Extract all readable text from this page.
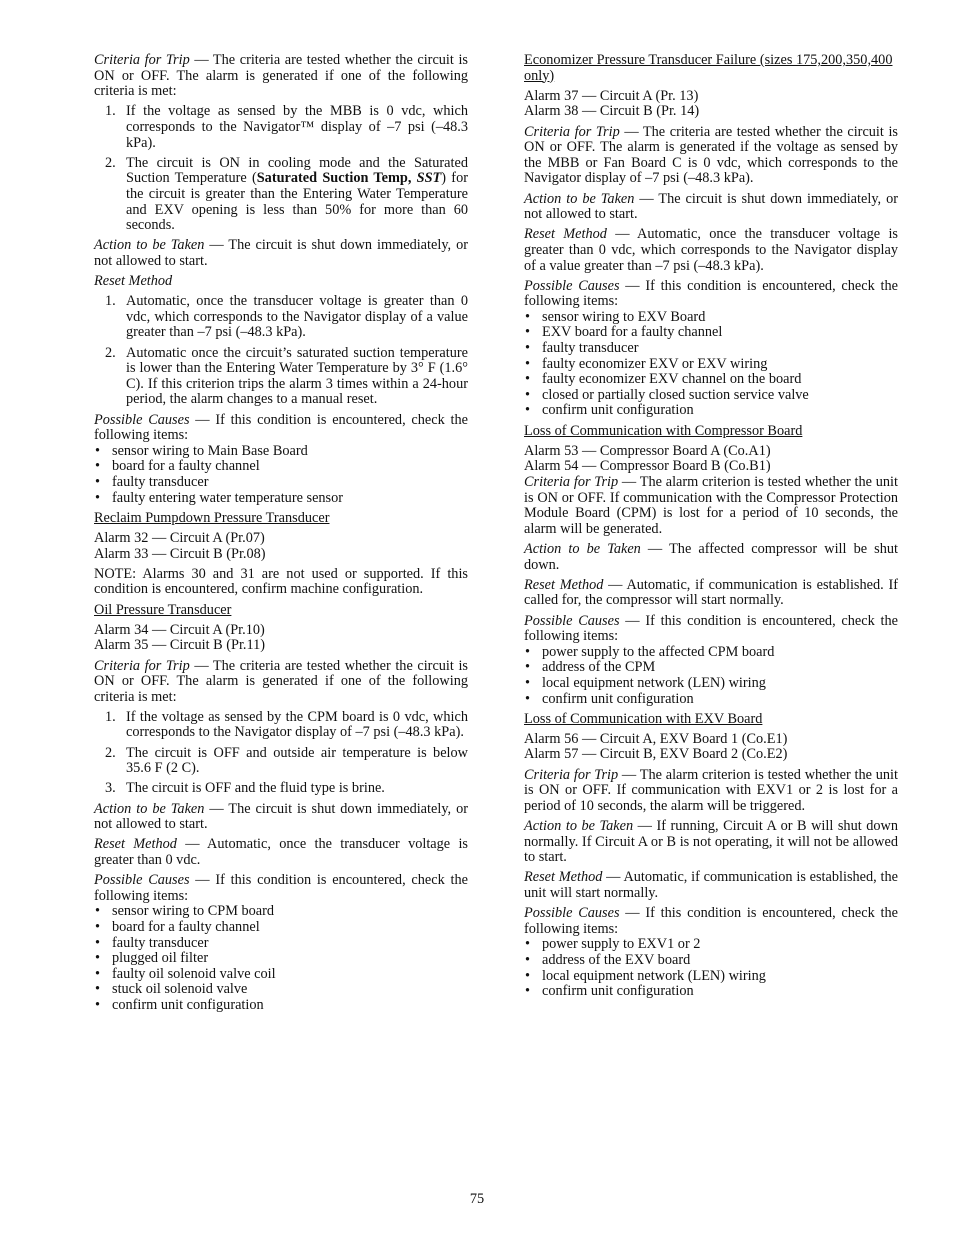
Criteria for Trip — The criteria are tested whether the circuit is ON or OFF. The alarm is generated if one of the following criteria is met:

1. If the voltage as sensed by the MBB is 0 vdc, which corresponds to the Navigator™ display of –7 psi (–48.3 kPa).
2. The circuit is ON in cooling mode and the Saturated Suction Temperature (Saturated Suction Temp, SST) for the circuit is greater than the Entering Water Temperature and EXV opening is less than 50% for more than 60 seconds.

Action to be Taken — The circuit is shut down immediately, or not allowed to start.

Reset Method

1. Automatic, once the transducer voltage is greater than 0 vdc, which corresponds to the Navigator display of a value greater than –7 psi (–48.3 kPa).
2. Automatic once the circuit’s saturated suction temperature is lower than the Entering Water Temperature by 3° F (1.6° C). If this criterion trips the alarm 3 times within a 24-hour period, the alarm changes to a manual reset.

Possible Causes — If this condition is encountered, check the following items:

• sensor wiring to Main Base Board
• board for a faulty channel
• faulty transducer
• faulty entering water temperature sensor
Reclaim Pumpdown Pressure Transducer
Alarm 32 — Circuit A (Pr.07)
Alarm 33 — Circuit B (Pr.08)

NOTE: Alarms 30 and 31 are not used or supported. If this condition is encountered, confirm machine configuration.

Oil Pressure Transducer
Alarm 34 — Circuit A (Pr.10)
Alarm 35 — Circuit B (Pr.11)

Criteria for Trip — The criteria are tested whether the circuit is ON or OFF. The alarm is generated if one of the following criteria is met:

1. If the voltage as sensed by the CPM board is 0 vdc, which corresponds to the Navigator display of –7 psi (–48.3 kPa).
2. The circuit is OFF and outside air temperature is below 35.6 F (2 C).
3. The circuit is OFF and the fluid type is brine.

Action to be Taken — The circuit is shut down immediately, or not allowed to start.

Reset Method — Automatic, once the transducer voltage is greater than 0 vdc.

Possible Causes — If this condition is encountered, check the following items:

• sensor wiring to CPM board
• board for a faulty channel
• faulty transducer
• plugged oil filter
• faulty oil solenoid valve coil
• stuck oil solenoid valve
• confirm unit configuration
Economizer Pressure Transducer Failure (sizes 175,200,350,400 only)
Alarm 37 — Circuit A (Pr. 13)
Alarm 38 — Circuit B (Pr. 14)

Criteria for Trip — The criteria are tested whether the circuit is ON or OFF. The alarm is generated if the voltage as sensed by the MBB or Fan Board C is 0 vdc, which corresponds to the Navigator display of –7 psi (–48.3 kPa).

Action to be Taken — The circuit is shut down immediately, or not allowed to start.

Reset Method — Automatic, once the transducer voltage is greater than 0 vdc, which corresponds to the Navigator display of a value greater than –7 psi (–48.3 kPa).

Possible Causes — If this condition is encountered, check the following items:

• sensor wiring to EXV Board
• EXV board for a faulty channel
• faulty transducer
• faulty economizer EXV or EXV wiring
• faulty economizer EXV channel on the board
• closed or partially closed suction service valve
• confirm unit configuration
Loss of Communication with Compressor Board
Alarm 53 — Compressor Board A (Co.A1)
Alarm 54 — Compressor Board B (Co.B1)

Criteria for Trip — The alarm criterion is tested whether the unit is ON or OFF. If communication with the Compressor Protection Module Board (CPM) is lost for a period of 10 seconds, the alarm will be generated.

Action to be Taken — The affected compressor will be shut down.

Reset Method — Automatic, if communication is established. If called for, the compressor will start normally.

Possible Causes — If this condition is encountered, check the following items:

• power supply to the affected CPM board
• address of the CPM
• local equipment network (LEN) wiring
• confirm unit configuration
Loss of Communication with EXV Board
Alarm 56 — Circuit A, EXV Board 1 (Co.E1)
Alarm 57 — Circuit B, EXV Board 2 (Co.E2)

Criteria for Trip — The alarm criterion is tested whether the unit is ON or OFF. If communication with EXV1 or 2 is lost for a period of 10 seconds, the alarm will be triggered.

Action to be Taken — If running, Circuit A or B will shut down normally. If Circuit A or B is not operating, it will not be allowed to start.

Reset Method — Automatic, if communication is established, the unit will start normally.

Possible Causes — If this condition is encountered, check the following items:

• power supply to EXV1 or 2
• address of the EXV board
• local equipment network (LEN) wiring
• confirm unit configuration
75
